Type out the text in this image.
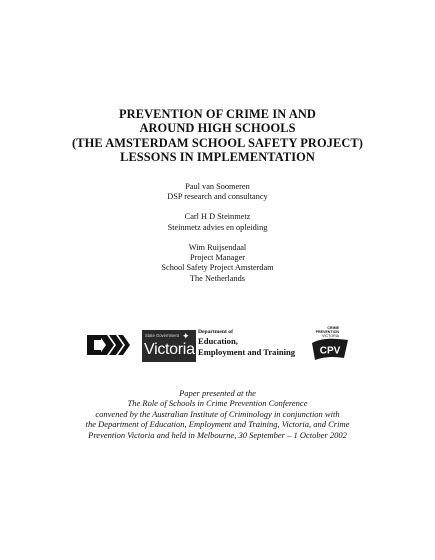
PREVENTION OF CRIME IN AND
AROUND HIGH SCHOOLS
(THE AMSTERDAM SCHOOL SAFETY PROJECT)
LESSONS IN IMPLEMENTATION
Paul van Soomeren
DSP research and consultancy
Carl H D Steinmetz
Steinmetz advies en opleiding
Wim Ruijsendaal
Project Manager
School Safety Project Amsterdam
The Netherlands
State Government ✦
Victoria
Department of
Education,
Employment and Training
CRIME
PREVENTION
VICTORIA
CPV
Paper presented at the
The Role of Schools in Crime Prevention Conference
convened by the Australian Institute of Criminology in conjunction with
the Department of Education, Employment and Training, Victoria, and Crime
Prevention Victoria and held in Melbourne, 30 September – 1 October 2002
